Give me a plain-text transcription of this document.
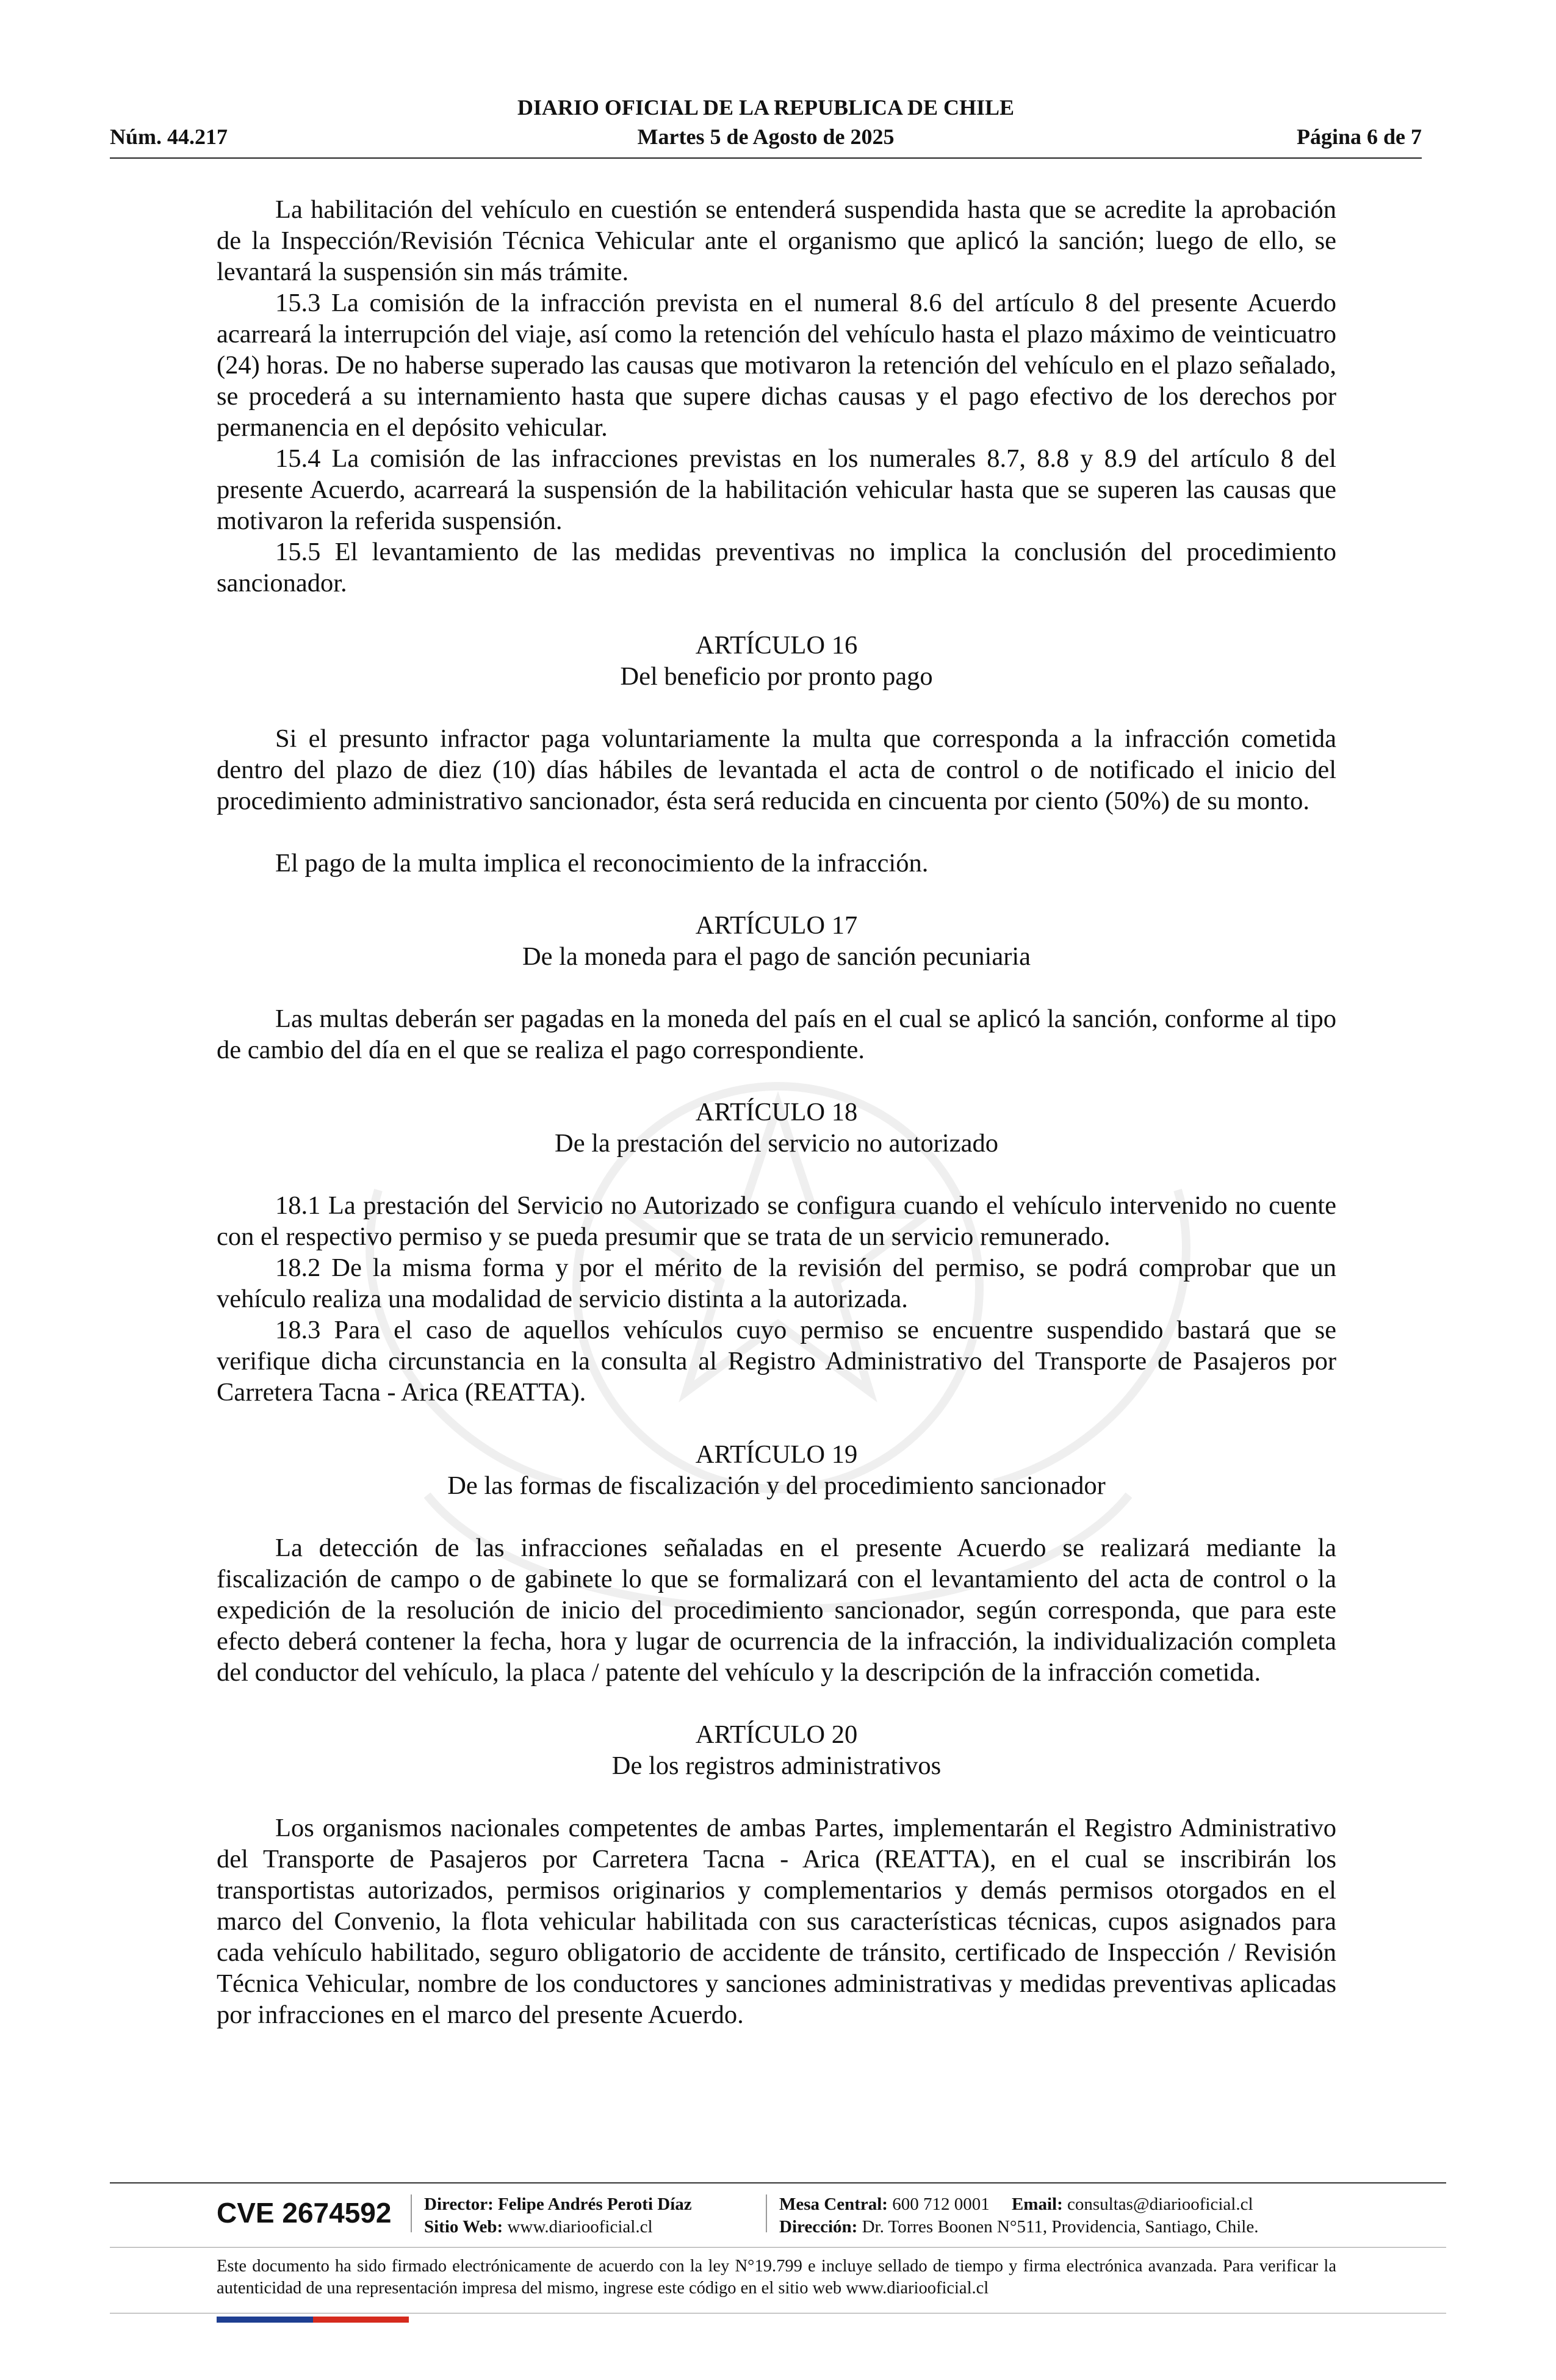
DIARIO OFICIAL DE LA REPUBLICA DE CHILE
Martes 5 de Agosto de 2025
Núm. 44.217	Página 6 de 7

La habilitación del vehículo en cuestión se entenderá suspendida hasta que se acredite la aprobación de la Inspección/Revisión Técnica Vehicular ante el organismo que aplicó la sanción; luego de ello, se levantará la suspensión sin más trámite.

15.3 La comisión de la infracción prevista en el numeral 8.6 del artículo 8 del presente Acuerdo acarreará la interrupción del viaje, así como la retención del vehículo hasta el plazo máximo de veinticuatro (24) horas. De no haberse superado las causas que motivaron la retención del vehículo en el plazo señalado, se procederá a su internamiento hasta que supere dichas causas y el pago efectivo de los derechos por permanencia en el depósito vehicular.

15.4 La comisión de las infracciones previstas en los numerales 8.7, 8.8 y 8.9 del artículo 8 del presente Acuerdo, acarreará la suspensión de la habilitación vehicular hasta que se superen las causas que motivaron la referida suspensión.

15.5 El levantamiento de las medidas preventivas no implica la conclusión del procedimiento sancionador.

ARTÍCULO 16
Del beneficio por pronto pago

Si el presunto infractor paga voluntariamente la multa que corresponda a la infracción cometida dentro del plazo de diez (10) días hábiles de levantada el acta de control o de notificado el inicio del procedimiento administrativo sancionador, ésta será reducida en cincuenta por ciento (50%) de su monto.

El pago de la multa implica el reconocimiento de la infracción.

ARTÍCULO 17
De la moneda para el pago de sanción pecuniaria

Las multas deberán ser pagadas en la moneda del país en el cual se aplicó la sanción, conforme al tipo de cambio del día en el que se realiza el pago correspondiente.

ARTÍCULO 18
De la prestación del servicio no autorizado

18.1 La prestación del Servicio no Autorizado se configura cuando el vehículo intervenido no cuente con el respectivo permiso y se pueda presumir que se trata de un servicio remunerado.

18.2 De la misma forma y por el mérito de la revisión del permiso, se podrá comprobar que un vehículo realiza una modalidad de servicio distinta a la autorizada.

18.3 Para el caso de aquellos vehículos cuyo permiso se encuentre suspendido bastará que se verifique dicha circunstancia en la consulta al Registro Administrativo del Transporte de Pasajeros por Carretera Tacna - Arica (REATTA).

ARTÍCULO 19
De las formas de fiscalización y del procedimiento sancionador

La detección de las infracciones señaladas en el presente Acuerdo se realizará mediante la fiscalización de campo o de gabinete lo que se formalizará con el levantamiento del acta de control o la expedición de la resolución de inicio del procedimiento sancionador, según corresponda, que para este efecto deberá contener la fecha, hora y lugar de ocurrencia de la infracción, la individualización completa del conductor del vehículo, la placa / patente del vehículo y la descripción de la infracción cometida.

ARTÍCULO 20
De los registros administrativos

Los organismos nacionales competentes de ambas Partes, implementarán el Registro Administrativo del Transporte de Pasajeros por Carretera Tacna - Arica (REATTA), en el cual se inscribirán los transportistas autorizados, permisos originarios y complementarios y demás permisos otorgados en el marco del Convenio, la flota vehicular habilitada con sus características técnicas, cupos asignados para cada vehículo habilitado, seguro obligatorio de accidente de tránsito, certificado de Inspección / Revisión Técnica Vehicular, nombre de los conductores y sanciones administrativas y medidas preventivas aplicadas por infracciones en el marco del presente Acuerdo.

CVE 2674592 Director: Felipe Andrés Peroti Díaz
Sitio Web: www.diariooficial.cl
Mesa Central: 600 712 0001 Email: consultas@diariooficial.cl
Dirección: Dr. Torres Boonen N°511, Providencia, Santiago, Chile.
Este documento ha sido firmado electrónicamente de acuerdo con la ley N°19.799 e incluye sellado de tiempo y firma electrónica avanzada. Para verificar la autenticidad de una representación impresa del mismo, ingrese este código en el sitio web www.diariooficial.cl
